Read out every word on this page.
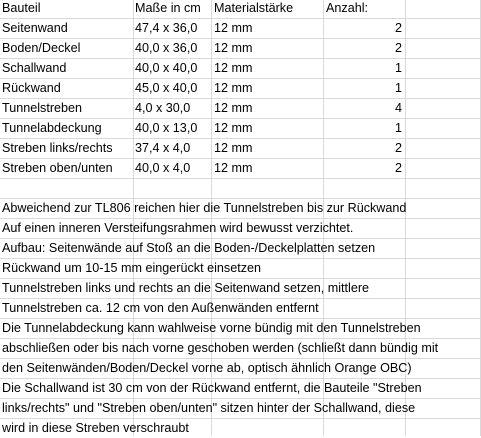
Bauteil	Maße in cm	Materialstärke	Anzahl:
Seitenwand	47,4 x 36,0	12 mm	2
Boden/Deckel	40,0 x 36,0	12 mm	2
Schallwand	40,0 x 40,0	12 mm	1
Rückwand	45,0 x 40,0	12 mm	1
Tunnelstreben	4,0 x 30,0	12 mm	4
Tunnelabdeckung	40,0 x 13,0	12 mm	1
Streben links/rechts	37,4 x 4,0	12 mm	2
Streben oben/unten	40,0 x 4,0	12 mm	2
Abweichend zur TL806 reichen hier die Tunnelstreben bis zur Rückwand
Auf einen inneren Versteifungsrahmen wird bewusst verzichtet.
Aufbau: Seitenwände auf Stoß an die Boden-/Deckelplatten setzen
Rückwand um 10-15 mm eingerückt einsetzen
Tunnelstreben links und rechts an die Seitenwand setzen, mittlere
Tunnelstreben ca. 12 cm von den Außenwänden entfernt
Die Tunnelabdeckung kann wahlweise vorne bündig mit den Tunnelstreben
abschließen oder bis nach vorne geschoben werden (schließt dann bündig mit
den Seitenwänden/Boden/Deckel vorne ab, optisch ähnlich Orange OBC)
Die Schallwand ist 30 cm von der Rückwand entfernt, die Bauteile "Streben
links/rechts" und "Streben oben/unten" sitzen hinter der Schallwand, diese
wird in diese Streben verschraubt
